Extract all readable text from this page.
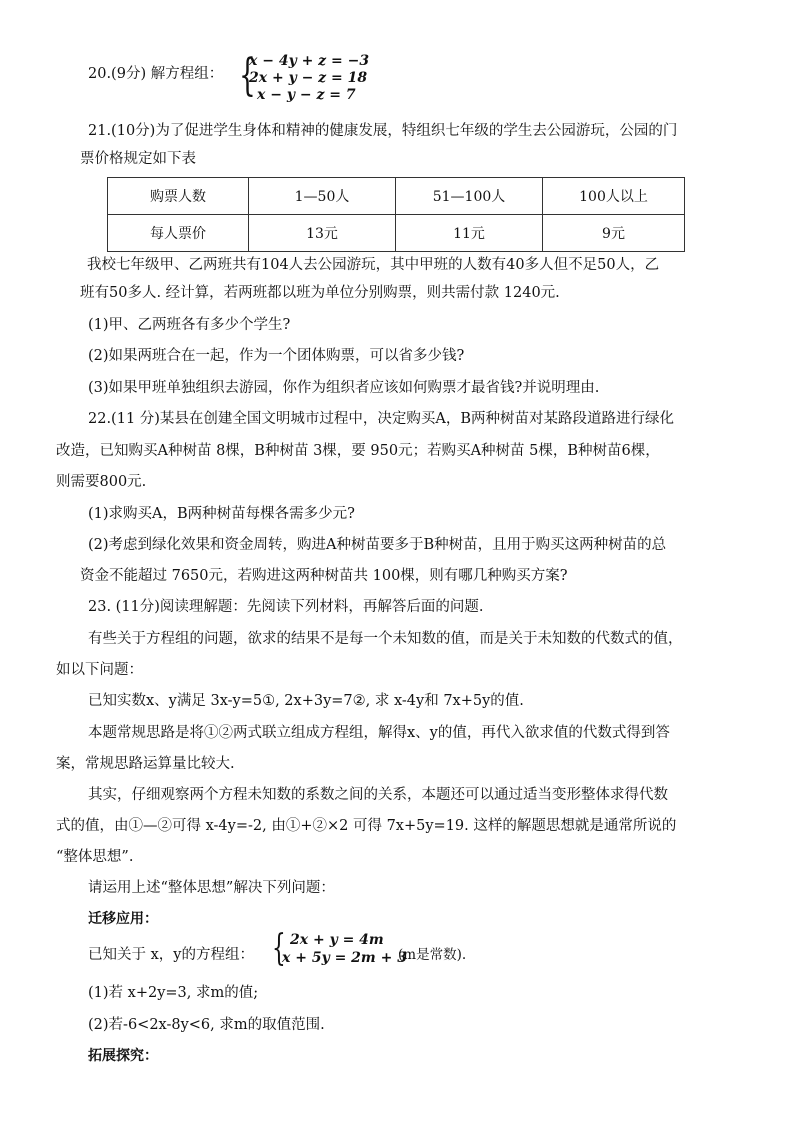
20.(9分) 解方程组： {
x − 4y + z = −3
2x + y − z = 18
x − y − z = 7
21.(10分)为了促进学生身体和精神的健康发展，特组织七年级的学生去公园游玩，公园的门
票价格规定如下表
购票人数	1—50人	51—100人	100人以上
每人票价	13元	11元	9元
我校七年级甲、乙两班共有104人去公园游玩，其中甲班的人数有40多人但不足50人，乙
班有50多人. 经计算，若两班都以班为单位分别购票，则共需付款 1240元.
(1)甲、乙两班各有多少个学生?
(2)如果两班合在一起，作为一个团体购票，可以省多少钱?
(3)如果甲班单独组织去游园，你作为组织者应该如何购票才最省钱?并说明理由.
22.(11 分)某县在创建全国文明城市过程中，决定购买A，B两种树苗对某路段道路进行绿化
改造，已知购买A种树苗 8棵，B种树苗 3棵，要 950元；若购买A种树苗 5棵，B种树苗6棵，
则需要800元.
(1)求购买A，B两种树苗每棵各需多少元?
(2)考虑到绿化效果和资金周转，购进A种树苗要多于B种树苗，且用于购买这两种树苗的总
资金不能超过 7650元，若购进这两种树苗共 100棵，则有哪几种购买方案?
23. (11分)阅读理解题：先阅读下列材料，再解答后面的问题.
有些关于方程组的问题，欲求的结果不是每一个未知数的值，而是关于未知数的代数式的值，
如以下问题：
已知实数x、y满足 3x-y=5①, 2x+3y=7②, 求 x-4y和 7x+5y的值.
本题常规思路是将①②两式联立组成方程组，解得x、y的值，再代入欲求值的代数式得到答
案，常规思路运算量比较大.
其实，仔细观察两个方程未知数的系数之间的关系，本题还可以通过适当变形整体求得代数
式的值，由①—②可得 x-4y=-2, 由①+②×2 可得 7x+5y=19. 这样的解题思想就是通常所说的
“整体思想”.
请运用上述“整体思想”解决下列问题：
迁移应用：
已知关于 x，y的方程组： { 2x + y = 4m
x + 5y = 2m + 3
(m是常数).
(1)若 x+2y=3, 求m的值;
(2)若-6<2x-8y<6, 求m的取值范围.
拓展探究：
